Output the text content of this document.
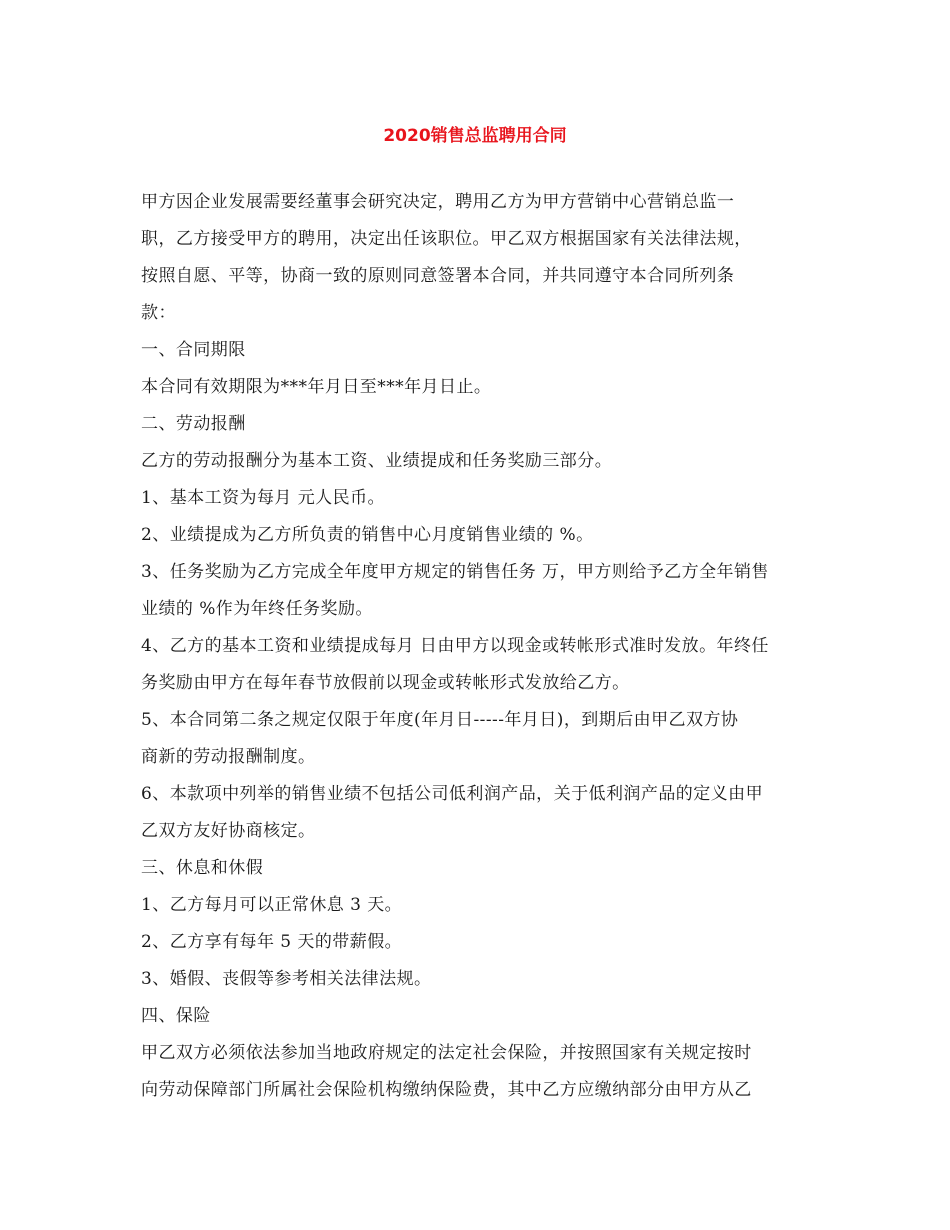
2020销售总监聘用合同

甲方因企业发展需要经董事会研究决定，聘用乙方为甲方营销中心营销总监一

职，乙方接受甲方的聘用，决定出任该职位。甲乙双方根据国家有关法律法规，

按照自愿、平等，协商一致的原则同意签署本合同，并共同遵守本合同所列条

款：

一、合同期限

本合同有效期限为***年月日至***年月日止。

二、劳动报酬

乙方的劳动报酬分为基本工资、业绩提成和任务奖励三部分。

1、基本工资为每月 元人民币。

2、业绩提成为乙方所负责的销售中心月度销售业绩的 %。

3、任务奖励为乙方完成全年度甲方规定的销售任务 万，甲方则给予乙方全年销售

业绩的 %作为年终任务奖励。

4、乙方的基本工资和业绩提成每月 日由甲方以现金或转帐形式准时发放。年终任

务奖励由甲方在每年春节放假前以现金或转帐形式发放给乙方。

5、本合同第二条之规定仅限于年度(年月日-----年月日)，到期后由甲乙双方协

商新的劳动报酬制度。

6、本款项中列举的销售业绩不包括公司低利润产品，关于低利润产品的定义由甲

乙双方友好协商核定。

三、休息和休假

1、乙方每月可以正常休息 3 天。

2、乙方享有每年 5 天的带薪假。

3、婚假、丧假等参考相关法律法规。

四、保险

甲乙双方必须依法参加当地政府规定的法定社会保险，并按照国家有关规定按时

向劳动保障部门所属社会保险机构缴纳保险费，其中乙方应缴纳部分由甲方从乙
